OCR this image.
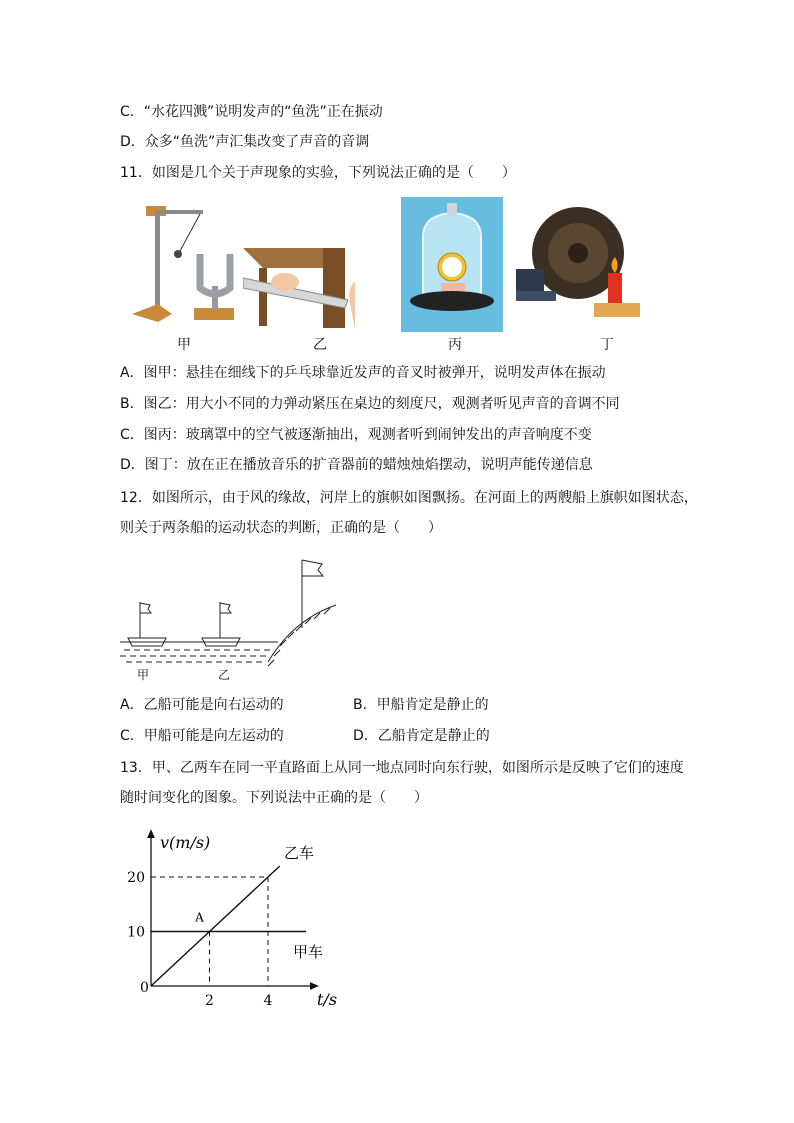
C．“水花四溅”说明发声的“鱼洗”正在振动
D．众多“鱼洗”声汇集改变了声音的音调
11．如图是几个关于声现象的实验，下列说法正确的是（　　）
甲	乙	丙	丁
A．图甲：悬挂在细线下的乒乓球靠近发声的音叉时被弹开，说明发声体在振动
B．图乙：用大小不同的力弹动紧压在桌边的刻度尺，观测者听见声音的音调不同
C．图丙：玻璃罩中的空气被逐渐抽出，观测者听到闹钟发出的声音响度不变
D．图丁：放在正在播放音乐的扩音器前的蜡烛烛焰摆动，说明声能传递信息
12．如图所示，由于风的缘故，河岸上的旗帜如图飘扬。在河面上的两艘船上旗帜如图状态，
则关于两条船的运动状态的判断，正确的是（　　）
甲	乙
A．乙船可能是向右运动的	B．甲船肯定是静止的
C．甲船可能是向左运动的	D．乙船肯定是静止的
13．甲、乙两车在同一平直路面上从同一地点同时向东行驶，如图所示是反映了它们的速度
随时间变化的图象。下列说法中正确的是（　　）
v(m/s)
t/s
0
甲车
乙车
10
20
2	4
A
